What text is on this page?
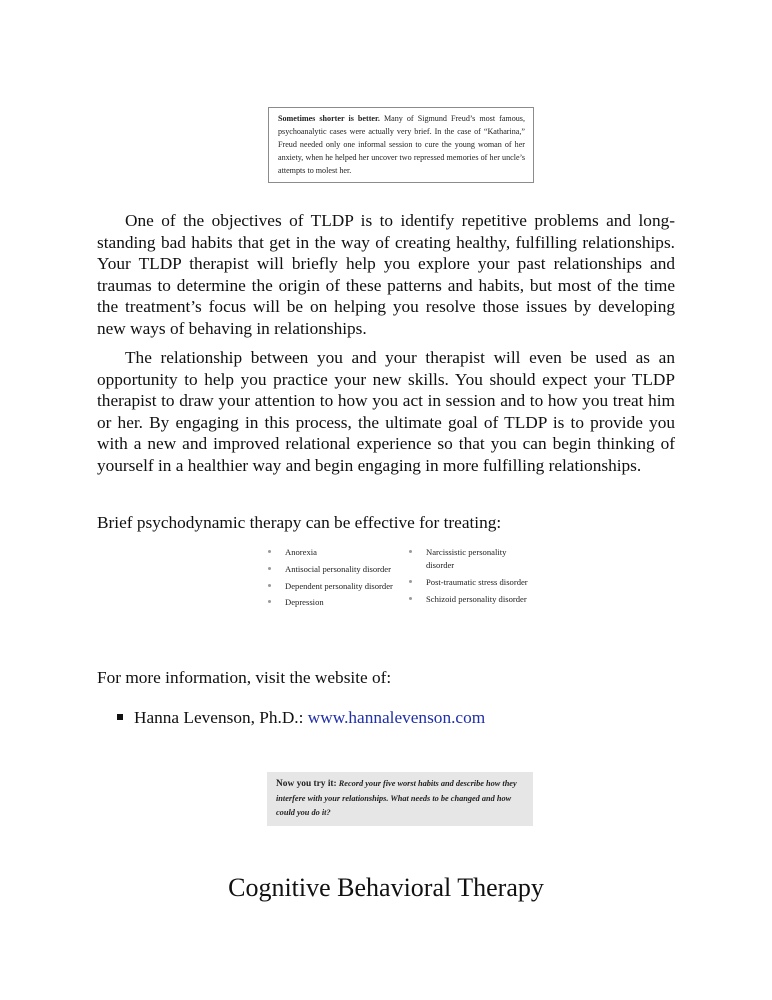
Sometimes shorter is better. Many of Sigmund Freud’s most famous, psychoanalytic cases were actually very brief. In the case of “Katharina,” Freud needed only one informal session to cure the young woman of her anxiety, when he helped her uncover two repressed memories of her uncle’s attempts to molest her.

One of the objectives of TLDP is to identify repetitive problems and long-standing bad habits that get in the way of creating healthy, fulfilling relationships. Your TLDP therapist will briefly help you explore your past relationships and traumas to determine the origin of these patterns and habits, but most of the time the treatment’s focus will be on helping you resolve those issues by developing new ways of behaving in relationships.

The relationship between you and your therapist will even be used as an opportunity to help you practice your new skills. You should expect your TLDP therapist to draw your attention to how you act in session and to how you treat him or her. By engaging in this process, the ultimate goal of TLDP is to provide you with a new and improved relational experience so that you can begin thinking of yourself in a healthier way and begin engaging in more fulfilling relationships.

Brief psychodynamic therapy can be effective for treating:

Anorexia
Antisocial personality disorder
Dependent personality disorder
Depression
Narcissistic personality disorder
Post-traumatic stress disorder
Schizoid personality disorder

For more information, visit the website of:

Hanna Levenson, Ph.D.: www.hannalevenson.com
Now you try it: Record your five worst habits and describe how they interfere with your relationships. What needs to be changed and how could you do it?
Cognitive Behavioral Therapy
